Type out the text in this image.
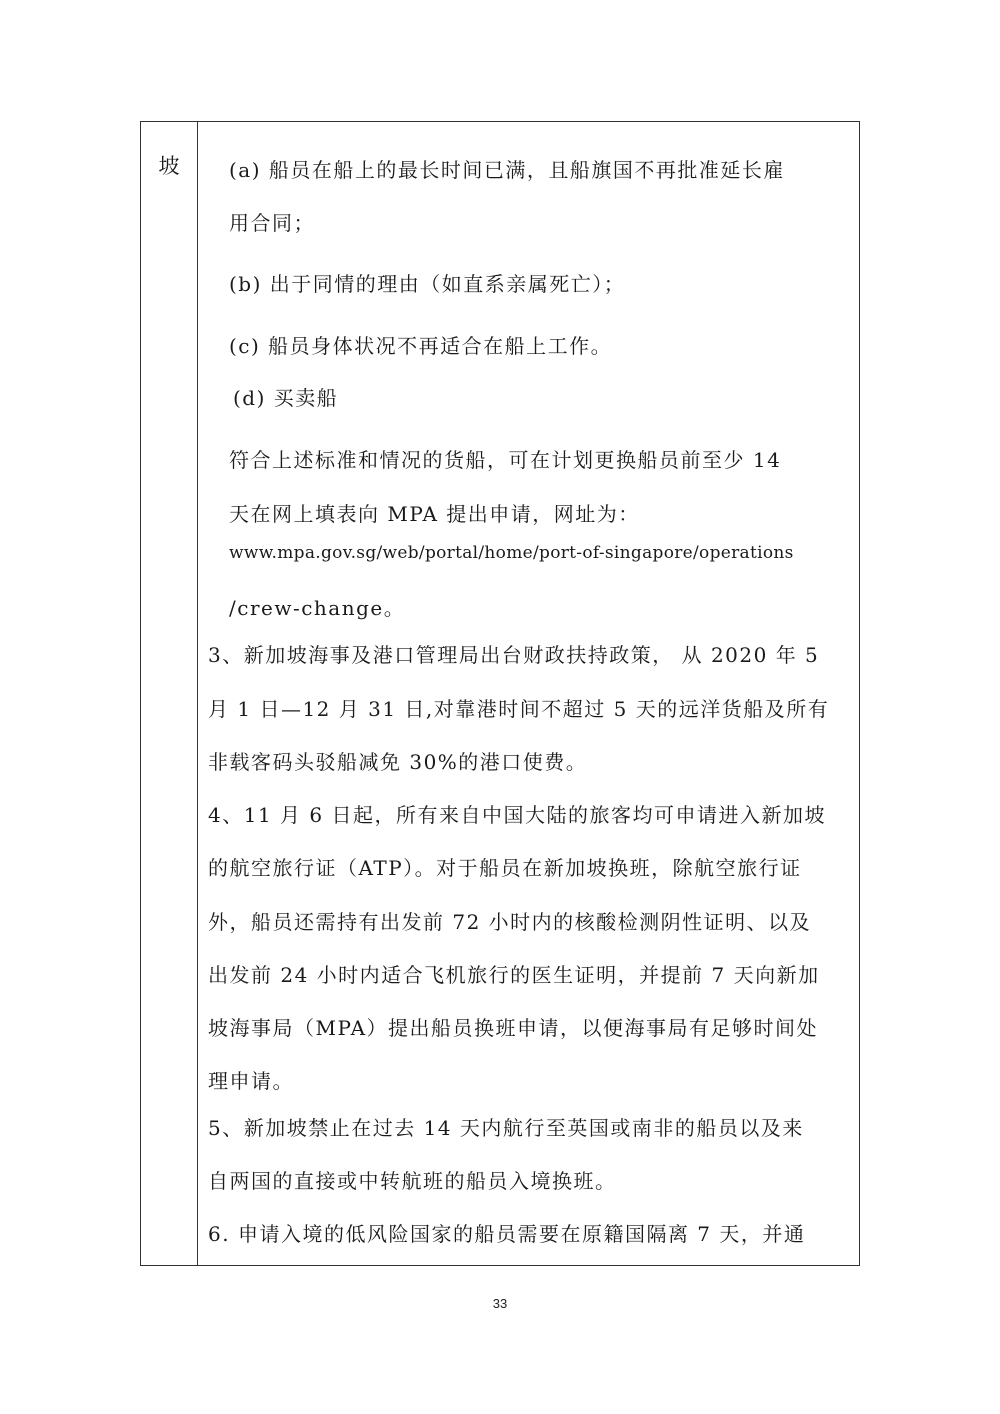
坡	(a) 船员在船上的最长时间已满，且船旗国不再批准延长雇
用合同；
(b) 出于同情的理由（如直系亲属死亡）；
(c) 船员身体状况不再适合在船上工作。
(d) 买卖船
符合上述标准和情况的货船，可在计划更换船员前至少 14
天在网上填表向 MPA 提出申请，网址为：
www.mpa.gov.sg/web/portal/home/port-of-singapore/operations
/crew-change。
3、新加坡海事及港口管理局出台财政扶持政策， 从 2020 年 5
月 1 日—12 月 31 日,对靠港时间不超过 5 天的远洋货船及所有
非载客码头驳船减免 30%的港口使费。
4、11 月 6 日起，所有来自中国大陆的旅客均可申请进入新加坡
的航空旅行证（ATP）。对于船员在新加坡换班，除航空旅行证
外，船员还需持有出发前 72 小时内的核酸检测阴性证明、以及
出发前 24 小时内适合飞机旅行的医生证明，并提前 7 天向新加
坡海事局（MPA）提出船员换班申请，以便海事局有足够时间处
理申请。
5、新加坡禁止在过去 14 天内航行至英国或南非的船员以及来
自两国的直接或中转航班的船员入境换班。
6. 申请入境的低风险国家的船员需要在原籍国隔离 7 天，并通
33
